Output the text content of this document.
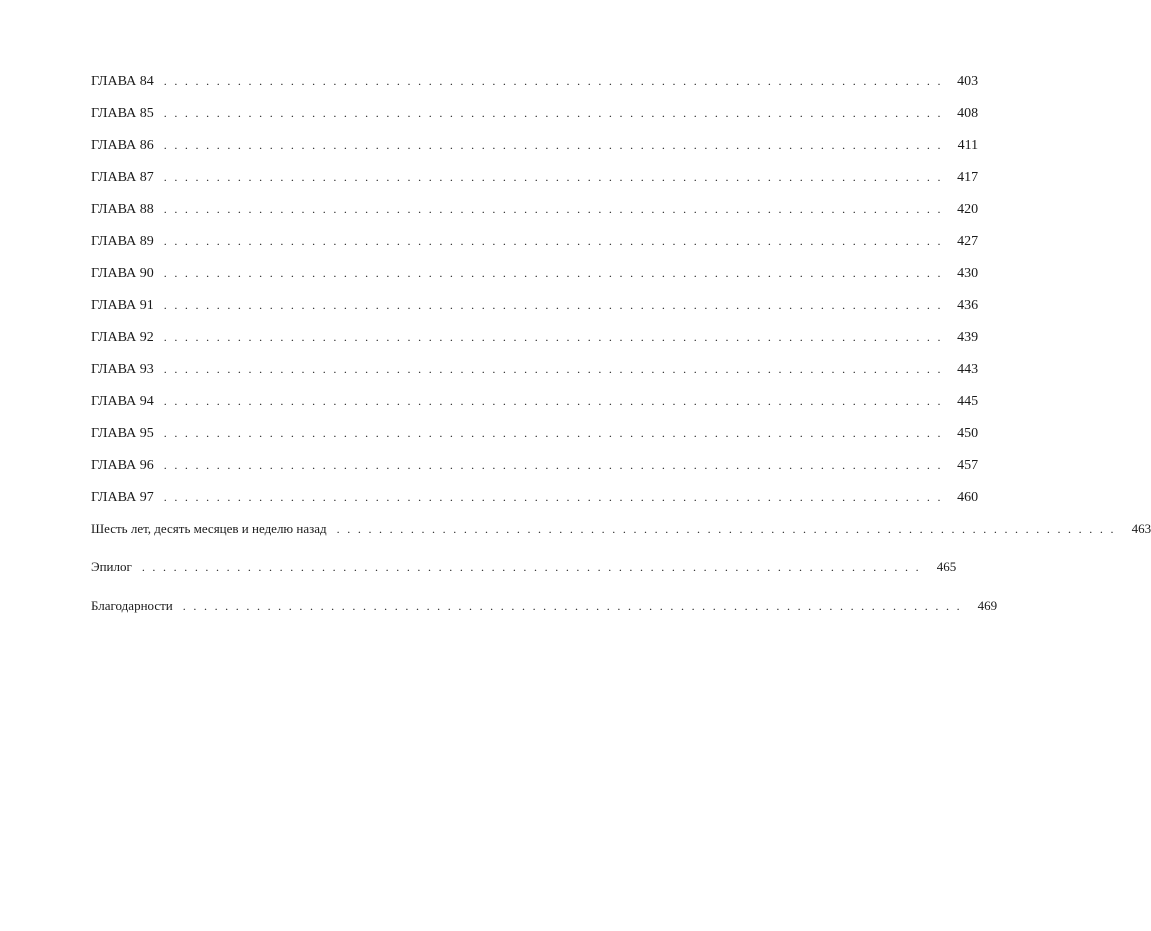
ГЛАВА 84 .......................................................................... 403
ГЛАВА 85 .......................................................................... 408
ГЛАВА 86 .......................................................................... 411
ГЛАВА 87 .......................................................................... 417
ГЛАВА 88 .......................................................................... 420
ГЛАВА 89 .......................................................................... 427
ГЛАВА 90 .......................................................................... 430
ГЛАВА 91 .......................................................................... 436
ГЛАВА 92 .......................................................................... 439
ГЛАВА 93 .......................................................................... 443
ГЛАВА 94 .......................................................................... 445
ГЛАВА 95 .......................................................................... 450
ГЛАВА 96 .......................................................................... 457
ГЛАВА 97 .......................................................................... 460
Шесть лет, десять месяцев и неделю назад .......................................................................... 463
Эпилог .......................................................................... 465
Благодарности .......................................................................... 469
